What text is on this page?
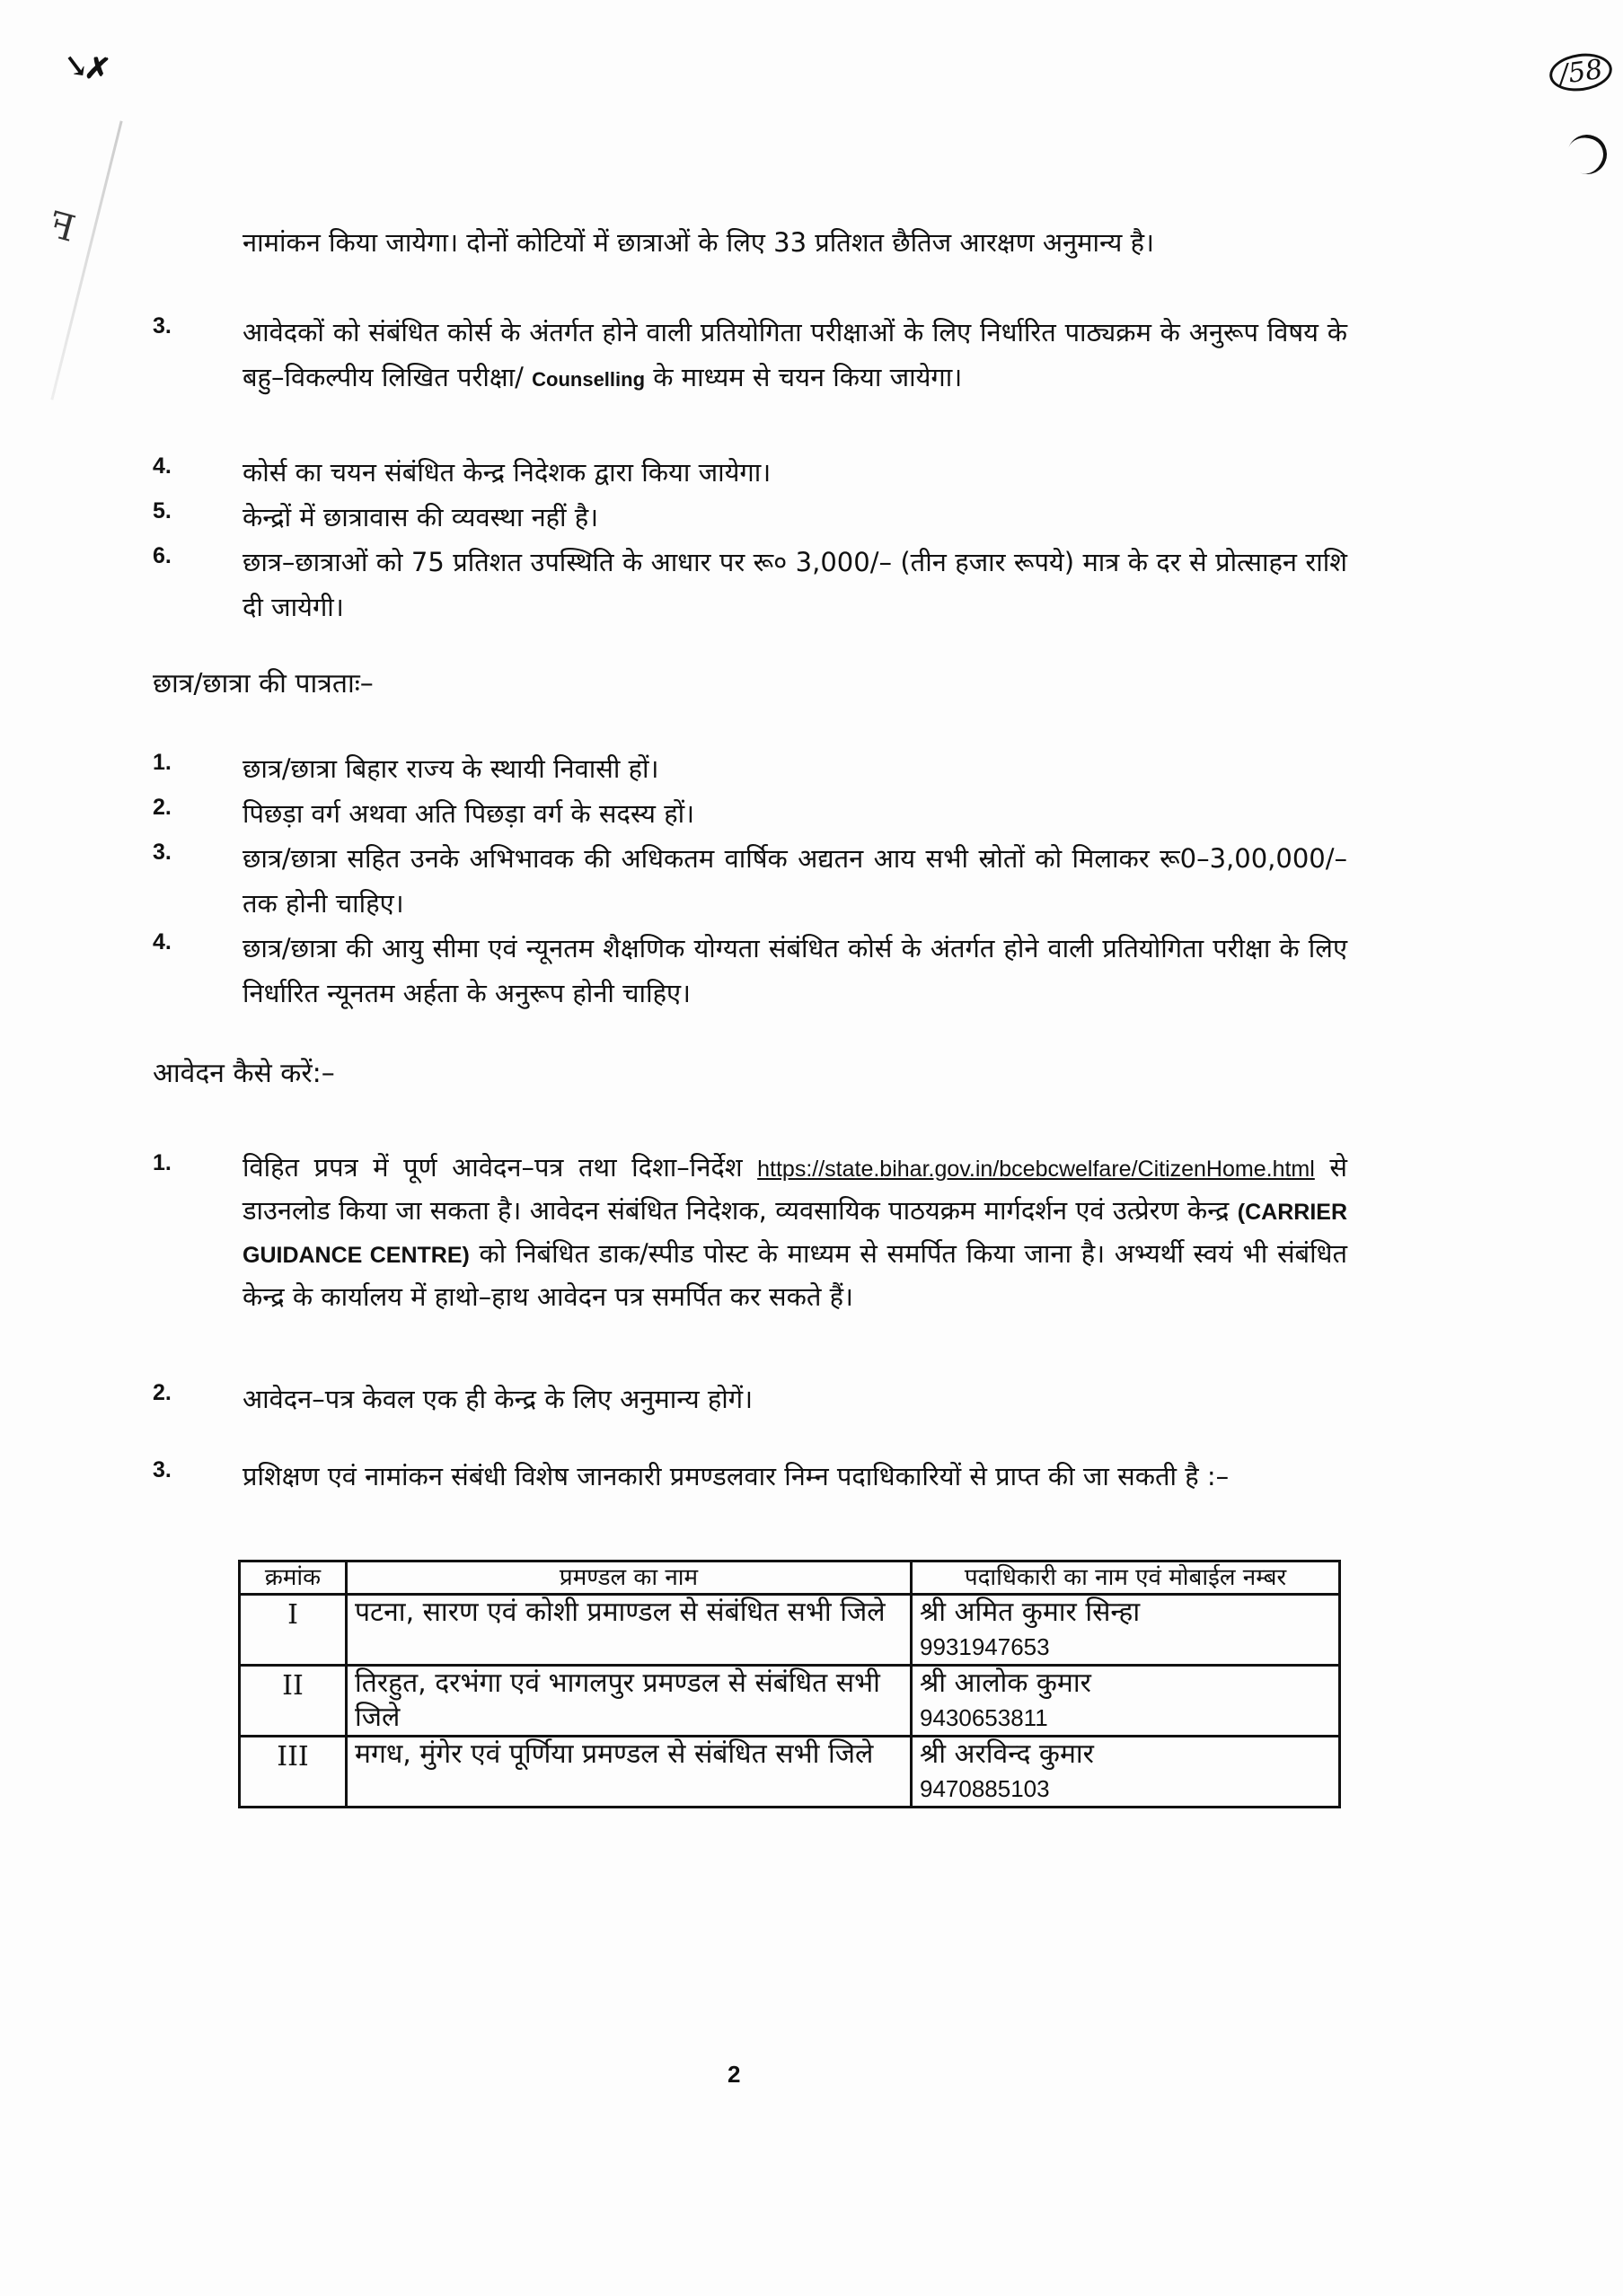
↘✗	/58
ꟻ	नामांकन किया जायेगा। दोनों कोटियों में छात्राओं के लिए 33 प्रतिशत छैतिज आरक्षण अनुमान्य है।
3.	आवेदकों को संबंधित कोर्स के अंतर्गत होने वाली प्रतियोगिता परीक्षाओं के लिए निर्धारित पाठ्यक्रम के अनुरूप विषय के बहु–विकल्पीय लिखित परीक्षा/ Counselling के माध्यम से चयन किया जायेगा।
4.	कोर्स का चयन संबंधित केन्द्र निदेशक द्वारा किया जायेगा।
5.	केन्द्रों में छात्रावास की व्यवस्था नहीं है।
6.	छात्र–छात्राओं को 75 प्रतिशत उपस्थिति के आधार पर रू० 3,000/– (तीन हजार रूपये) मात्र के दर से प्रोत्साहन राशि दी जायेगी।
छात्र/छात्रा की पात्रताः–
1.	छात्र/छात्रा बिहार राज्य के स्थायी निवासी हों।
2.	पिछड़ा वर्ग अथवा अति पिछड़ा वर्ग के सदस्य हों।
3.	छात्र/छात्रा सहित उनके अभिभावक की अधिकतम वार्षिक अद्यतन आय सभी स्रोतों को मिलाकर रू0–3,00,000/– तक होनी चाहिए।
4.	छात्र/छात्रा की आयु सीमा एवं न्यूनतम शैक्षणिक योग्यता संबंधित कोर्स के अंतर्गत होने वाली प्रतियोगिता परीक्षा के लिए निर्धारित न्यूनतम अर्हता के अनुरूप होनी चाहिए।
आवेदन कैसे करें:–
1.	विहित प्रपत्र में पूर्ण आवेदन–पत्र तथा दिशा–निर्देश https://state.bihar.gov.in/bcebcwelfare/CitizenHome.html से डाउनलोड किया जा सकता है। आवेदन संबंधित निदेशक, व्यवसायिक पाठयक्रम मार्गदर्शन एवं उत्प्रेरण केन्द्र (CARRIER GUIDANCE CENTRE) को निबंधित डाक/स्पीड पोस्ट के माध्यम से समर्पित किया जाना है। अभ्यर्थी स्वयं भी संबंधित केन्द्र के कार्यालय में हाथो–हाथ आवेदन पत्र समर्पित कर सकते हैं।
2.	आवेदन–पत्र केवल एक ही केन्द्र के लिए अनुमान्य होगें।
3.	प्रशिक्षण एवं नामांकन संबंधी विशेष जानकारी प्रमण्डलवार निम्न पदाधिकारियों से प्राप्त की जा सकती है :–
क्रमांक	प्रमण्डल का नाम	पदाधिकारी का नाम एवं मोबाईल नम्बर
I	पटना, सारण एवं कोशी प्रमाण्डल से संबंधित सभी जिले	श्री अमित कुमार सिन्हा
9931947653

II	तिरहुत, दरभंगा एवं भागलपुर प्रमण्डल से संबंधित सभी जिले	श्री आलोक कुमार
9430653811

III	मगध, मुंगेर एवं पूर्णिया प्रमण्डल से संबंधित सभी जिले	श्री अरविन्द कुमार
9470885103
2
